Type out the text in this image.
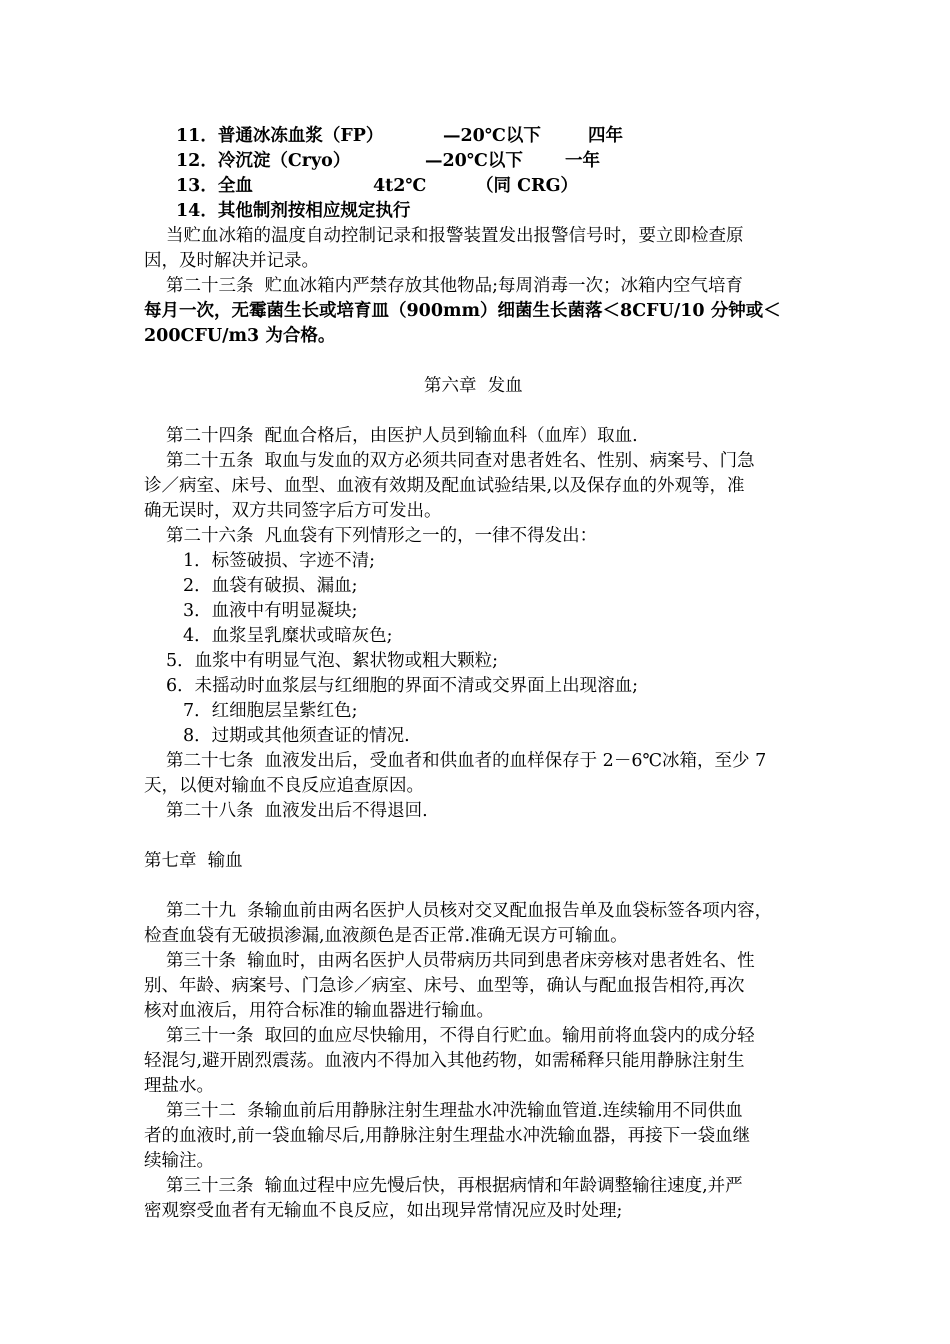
11．普通冰冻血浆（FP）	—20℃以下	四年
12．冷沉淀（Cryo）	—20℃以下 一年
13．全血	4t2℃	（同 CRG）
14．其他制剂按相应规定执行
当贮血冰箱的温度自动控制记录和报警装置发出报警信号时，要立即检查原
因，及时解决并记录。
第二十三条  贮血冰箱内严禁存放其他物品;每周消毒一次；冰箱内空气培育
每月一次，无霉菌生长或培育皿（900mm）细菌生长菌落＜8CFU/10 分钟或＜
200CFU/m3 为合格。
第六章  发血
第二十四条  配血合格后，由医护人员到输血科（血库）取血.
第二十五条  取血与发血的双方必须共同查对患者姓名、性别、病案号、门急
诊／病室、床号、血型、血液有效期及配血试验结果,以及保存血的外观等，准
确无误时，双方共同签字后方可发出。
第二十六条  凡血袋有下列情形之一的，一律不得发出：
1．标签破损、字迹不清;
2．血袋有破损、漏血;
3．血液中有明显凝块;
4．血浆呈乳糜状或暗灰色;
5．血浆中有明显气泡、絮状物或粗大颗粒;
6．未摇动时血浆层与红细胞的界面不清或交界面上出现溶血;
7．红细胞层呈紫红色;
8．过期或其他须查证的情况.
第二十七条  血液发出后，受血者和供血者的血样保存于 2－6℃冰箱，至少 7
天，以便对输血不良反应追查原因。
第二十八条  血液发出后不得退回.
第七章  输血
第二十九  条输血前由两名医护人员核对交叉配血报告单及血袋标签各项内容，
检查血袋有无破损渗漏,血液颜色是否正常.准确无误方可输血。
第三十条  输血时，由两名医护人员带病历共同到患者床旁核对患者姓名、性
别、年龄、病案号、门急诊／病室、床号、血型等，确认与配血报告相符,再次
核对血液后，用符合标准的输血器进行输血。
第三十一条  取回的血应尽快输用，不得自行贮血。输用前将血袋内的成分轻
轻混匀,避开剧烈震荡。血液内不得加入其他药物，如需稀释只能用静脉注射生
理盐水。
第三十二  条输血前后用静脉注射生理盐水冲洗输血管道.连续输用不同供血
者的血液时,前一袋血输尽后,用静脉注射生理盐水冲洗输血器，再接下一袋血继
续输注。
第三十三条  输血过程中应先慢后快，再根据病情和年龄调整输往速度,并严
密观察受血者有无输血不良反应，如出现异常情况应及时处理;
